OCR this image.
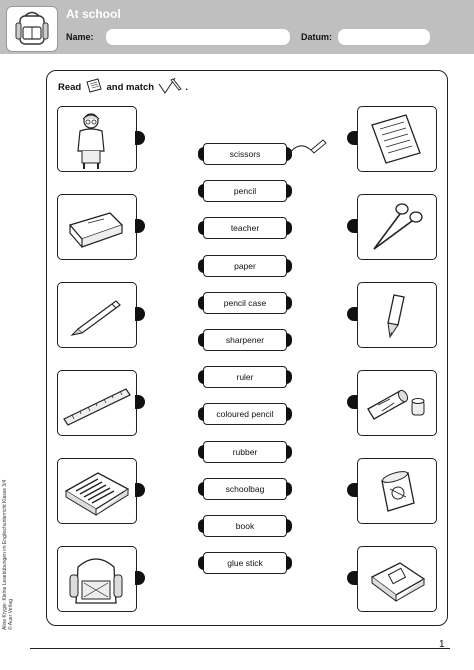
At school
Name:	Datum:
Read	and match	.
scissors
pencil
teacher
paper
pencil case
sharpener
ruler
coloured pencil
rubber
schoolbag
book
glue stick
Aline Krygie: Kleine Lesebübungen im Englischunterricht Klasse 3/4 © Auer Verlag
1
